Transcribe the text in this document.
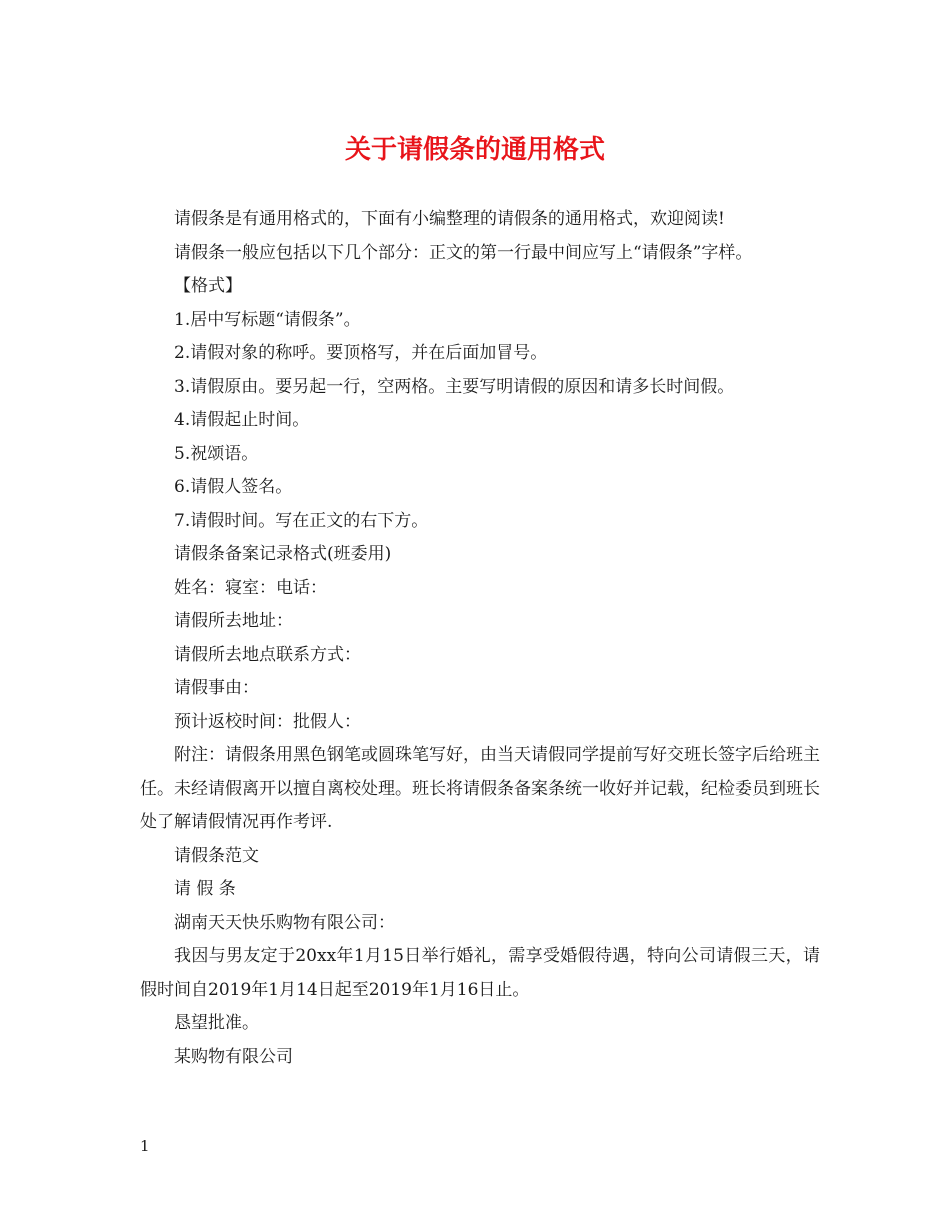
关于请假条的通用格式

请假条是有通用格式的，下面有小编整理的请假条的通用格式，欢迎阅读!

请假条一般应包括以下几个部分：正文的第一行最中间应写上“请假条”字样。

【格式】

1.居中写标题“请假条”。

2.请假对象的称呼。要顶格写，并在后面加冒号。

3.请假原由。要另起一行，空两格。主要写明请假的原因和请多长时间假。

4.请假起止时间。

5.祝颂语。

6.请假人签名。

7.请假时间。写在正文的右下方。

请假条备案记录格式(班委用)

姓名：寝室：电话：

请假所去地址：

请假所去地点联系方式：

请假事由：

预计返校时间：批假人：

附注：请假条用黑色钢笔或圆珠笔写好，由当天请假同学提前写好交班长签字后给班主任。未经请假离开以擅自离校处理。班长将请假条备案条统一收好并记载，纪检委员到班长处了解请假情况再作考评.

请假条范文

请 假 条

湖南天天快乐购物有限公司：

我因与男友定于20xx年1月15日举行婚礼，需享受婚假待遇，特向公司请假三天，请假时间自2019年1月14日起至2019年1月16日止。

恳望批准。

某购物有限公司

1
